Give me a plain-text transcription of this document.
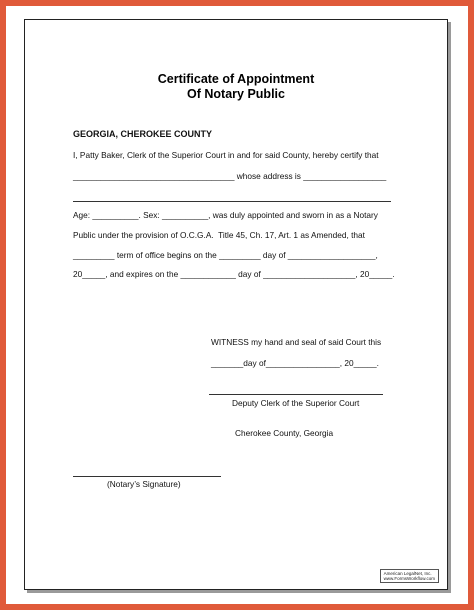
Certificate of Appointment
Of Notary Public
GEORGIA, CHEROKEE COUNTY
I, Patty Baker, Clerk of the Superior Court in and for said County, hereby certify that
___________________________________ whose address is __________________
Age: __________. Sex: __________, was duly appointed and sworn in as a Notary
Public under the provision of O.C.G.A.  Title 45, Ch. 17, Art. 1 as Amended, that
_________ term of office begins on the _________ day of ___________________,
20_____, and expires on the ____________ day of ____________________, 20_____.
WITNESS my hand and seal of said Court this
_______day of________________, 20_____.
Deputy Clerk of the Superior Court
Cherokee County, Georgia
(Notary’s Signature)
American LegalNet, Inc.
www.FormsWorkflow.com
